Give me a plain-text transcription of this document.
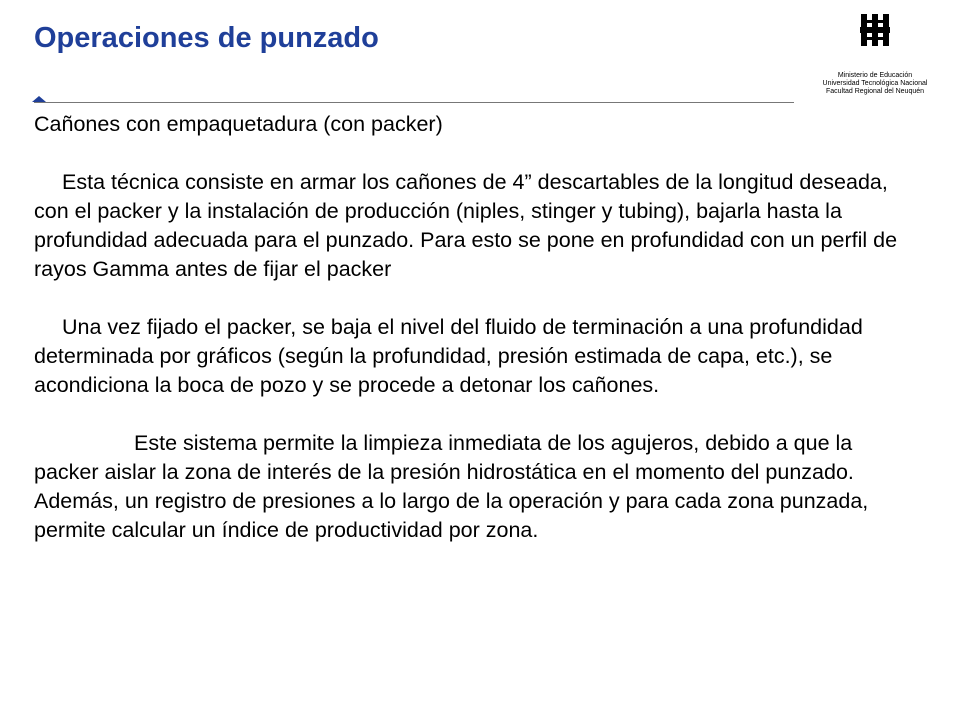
Operaciones de punzado
Ministerio de Educación
Universidad Tecnológica Nacional
Facultad Regional del Neuquén

Cañones con empaquetadura (con packer)

Esta técnica consiste en armar los cañones de 4” descartables de la longitud deseada, con el packer y la instalación de producción (niples, stinger y tubing), bajarla hasta la profundidad adecuada para el punzado. Para esto se pone en profundidad con un perfil de rayos Gamma antes de fijar el packer

Una vez fijado el packer, se baja el nivel del fluido de terminación a una profundidad determinada por gráficos (según la profundidad, presión estimada de capa, etc.), se acondiciona la boca de pozo y se procede a detonar los cañones.

Este sistema permite la limpieza inmediata de los agujeros, debido a que la packer aislar la zona de interés de la presión hidrostática en el momento del punzado. Además, un registro de presiones a lo largo de la operación y para cada zona punzada, permite calcular un índice de productividad por zona.
